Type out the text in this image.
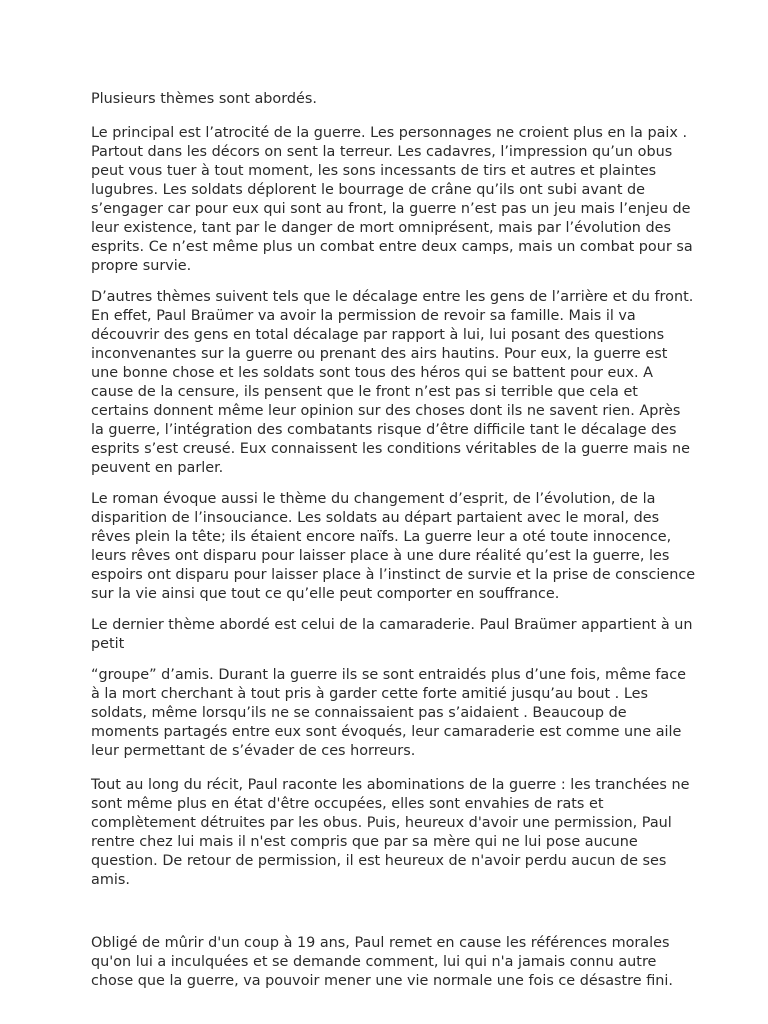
Plusieurs thèmes sont abordés.
Le principal est l’atrocité de la guerre. Les personnages ne croient plus en la paix .
Partout dans les décors on sent la terreur. Les cadavres, l’impression qu’un obus
peut vous tuer à tout moment, les sons incessants de tirs et autres et plaintes
lugubres. Les soldats déplorent le bourrage de crâne qu’ils ont subi avant de
s’engager car pour eux qui sont au front, la guerre n’est pas un jeu mais l’enjeu de
leur existence, tant par le danger de mort omniprésent, mais par l’évolution des
esprits. Ce n’est même plus un combat entre deux camps, mais un combat pour sa
propre survie.
D’autres thèmes suivent tels que le décalage entre les gens de l’arrière et du front.
En effet, Paul Braümer va avoir la permission de revoir sa famille. Mais il va
découvrir des gens en total décalage par rapport à lui, lui posant des questions
inconvenantes sur la guerre ou prenant des airs hautins. Pour eux, la guerre est
une bonne chose et les soldats sont tous des héros qui se battent pour eux. A
cause de la censure, ils pensent que le front n’est pas si terrible que cela et
certains donnent même leur opinion sur des choses dont ils ne savent rien. Après
la guerre, l’intégration des combatants risque d’être difficile tant le décalage des
esprits s’est creusé. Eux connaissent les conditions véritables de la guerre mais ne
peuvent en parler.
Le roman évoque aussi le thème du changement d’esprit, de l’évolution, de la
disparition de l’insouciance. Les soldats au départ partaient avec le moral, des
rêves plein la tête; ils étaient encore naïfs. La guerre leur a oté toute innocence,
leurs rêves ont disparu pour laisser place à une dure réalité qu’est la guerre, les
espoirs ont disparu pour laisser place à l’instinct de survie et la prise de conscience
sur la vie ainsi que tout ce qu’elle peut comporter en souffrance.
Le dernier thème abordé est celui de la camaraderie. Paul Braümer appartient à un
petit
“groupe” d’amis. Durant la guerre ils se sont entraidés plus d’une fois, même face
à la mort cherchant à tout pris à garder cette forte amitié jusqu’au bout . Les
soldats, même lorsqu’ils ne se connaissaient pas s’aidaient . Beaucoup de
moments partagés entre eux sont évoqués, leur camaraderie est comme une aile
leur permettant de s’évader de ces horreurs.
Tout au long du récit, Paul raconte les abominations de la guerre : les tranchées ne
sont même plus en état d'être occupées, elles sont envahies de rats et
complètement détruites par les obus. Puis, heureux d'avoir une permission, Paul
rentre chez lui mais il n'est compris que par sa mère qui ne lui pose aucune
question. De retour de permission, il est heureux de n'avoir perdu aucun de ses
amis.
Obligé de mûrir d'un coup à 19 ans, Paul remet en cause les références morales
qu'on lui a inculquées et se demande comment, lui qui n'a jamais connu autre
chose que la guerre, va pouvoir mener une vie normale une fois ce désastre fini.
